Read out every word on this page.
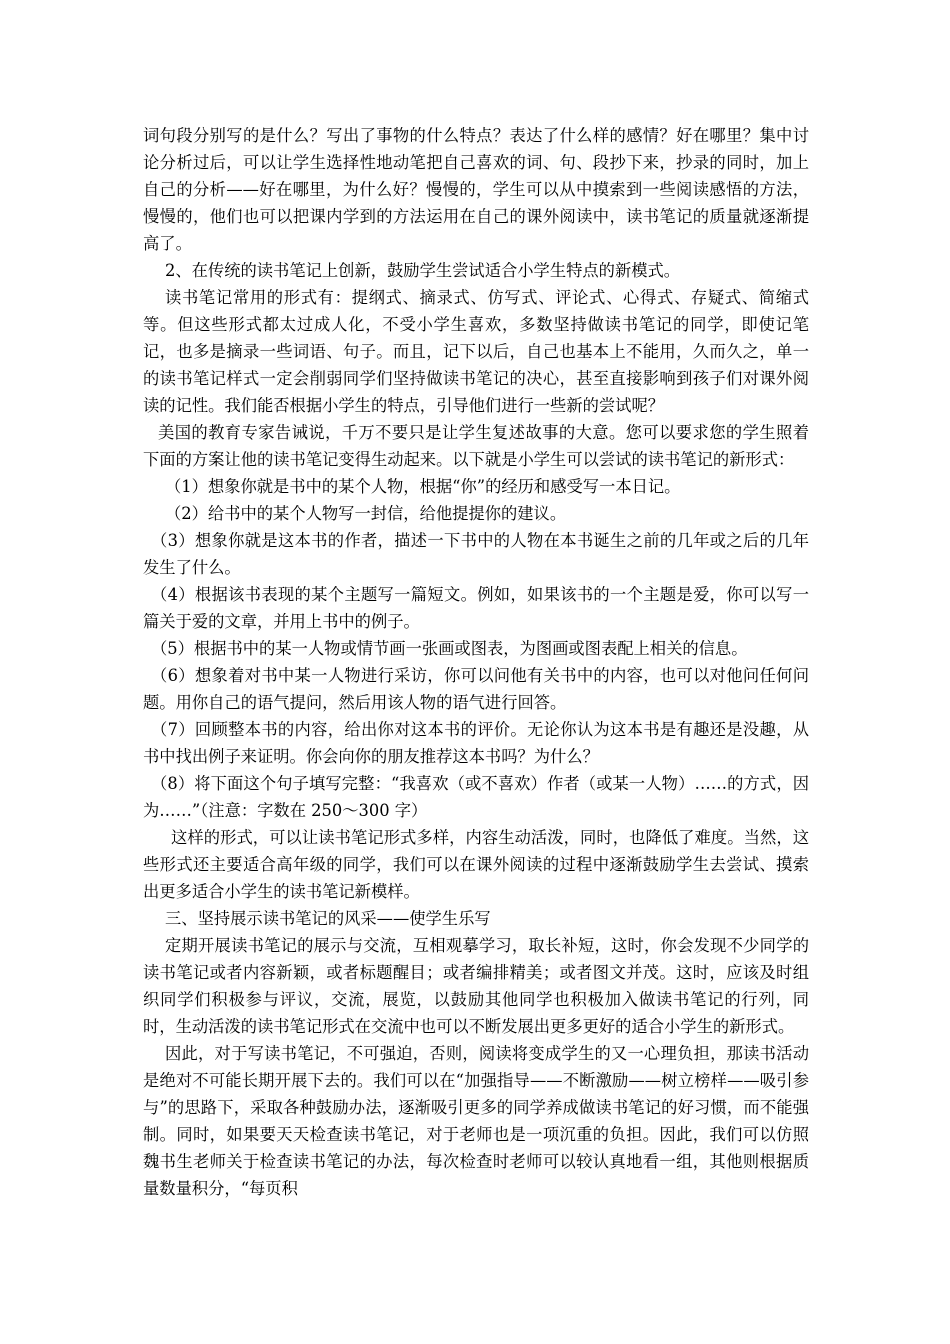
词句段分别写的是什么？写出了事物的什么特点？表达了什么样的感情？好在哪里？集中讨论分析过后，可以让学生选择性地动笔把自己喜欢的词、句、段抄下来，抄录的同时，加上自己的分析——好在哪里，为什么好？慢慢的，学生可以从中摸索到一些阅读感悟的方法，慢慢的，他们也可以把课内学到的方法运用在自己的课外阅读中，读书笔记的质量就逐渐提高了。

2、在传统的读书笔记上创新，鼓励学生尝试适合小学生特点的新模式。

读书笔记常用的形式有：提纲式、摘录式、仿写式、评论式、心得式、存疑式、简缩式等。但这些形式都太过成人化，不受小学生喜欢，多数坚持做读书笔记的同学，即使记笔记，也多是摘录一些词语、句子。而且，记下以后，自己也基本上不能用，久而久之，单一的读书笔记样式一定会削弱同学们坚持做读书笔记的决心，甚至直接影响到孩子们对课外阅读的记性。我们能否根据小学生的特点，引导他们进行一些新的尝试呢？

美国的教育专家告诫说，千万不要只是让学生复述故事的大意。您可以要求您的学生照着下面的方案让他的读书笔记变得生动起来。以下就是小学生可以尝试的读书笔记的新形式：

（1）想象你就是书中的某个人物，根据“你”的经历和感受写一本日记。

（2）给书中的某个人物写一封信，给他提提你的建议。

（3）想象你就是这本书的作者，描述一下书中的人物在本书诞生之前的几年或之后的几年发生了什么。

（4）根据该书表现的某个主题写一篇短文。例如，如果该书的一个主题是爱，你可以写一篇关于爱的文章，并用上书中的例子。

（5）根据书中的某一人物或情节画一张画或图表，为图画或图表配上相关的信息。

（6）想象着对书中某一人物进行采访，你可以问他有关书中的内容，也可以对他问任何问题。用你自己的语气提问，然后用该人物的语气进行回答。

（7）回顾整本书的内容，给出你对这本书的评价。无论你认为这本书是有趣还是没趣，从书中找出例子来证明。你会向你的朋友推荐这本书吗？为什么？

（8）将下面这个句子填写完整：“我喜欢（或不喜欢）作者（或某一人物）……的方式，因为……”（注意：字数在 250～300 字）

这样的形式，可以让读书笔记形式多样，内容生动活泼，同时，也降低了难度。当然，这些形式还主要适合高年级的同学，我们可以在课外阅读的过程中逐渐鼓励学生去尝试、摸索出更多适合小学生的读书笔记新模样。

三、坚持展示读书笔记的风采——使学生乐写

定期开展读书笔记的展示与交流，互相观摹学习，取长补短，这时，你会发现不少同学的读书笔记或者内容新颖，或者标题醒目；或者编排精美；或者图文并茂。这时，应该及时组织同学们积极参与评议，交流，展览，以鼓励其他同学也积极加入做读书笔记的行列，同时，生动活泼的读书笔记形式在交流中也可以不断发展出更多更好的适合小学生的新形式。

因此，对于写读书笔记，不可强迫，否则，阅读将变成学生的又一心理负担，那读书活动是绝对不可能长期开展下去的。我们可以在“加强指导——不断激励——树立榜样——吸引参与”的思路下，采取各种鼓励办法，逐渐吸引更多的同学养成做读书笔记的好习惯，而不能强制。同时，如果要天天检查读书笔记，对于老师也是一项沉重的负担。因此，我们可以仿照魏书生老师关于检查读书笔记的办法，每次检查时老师可以较认真地看一组，其他则根据质量数量积分，“每页积
